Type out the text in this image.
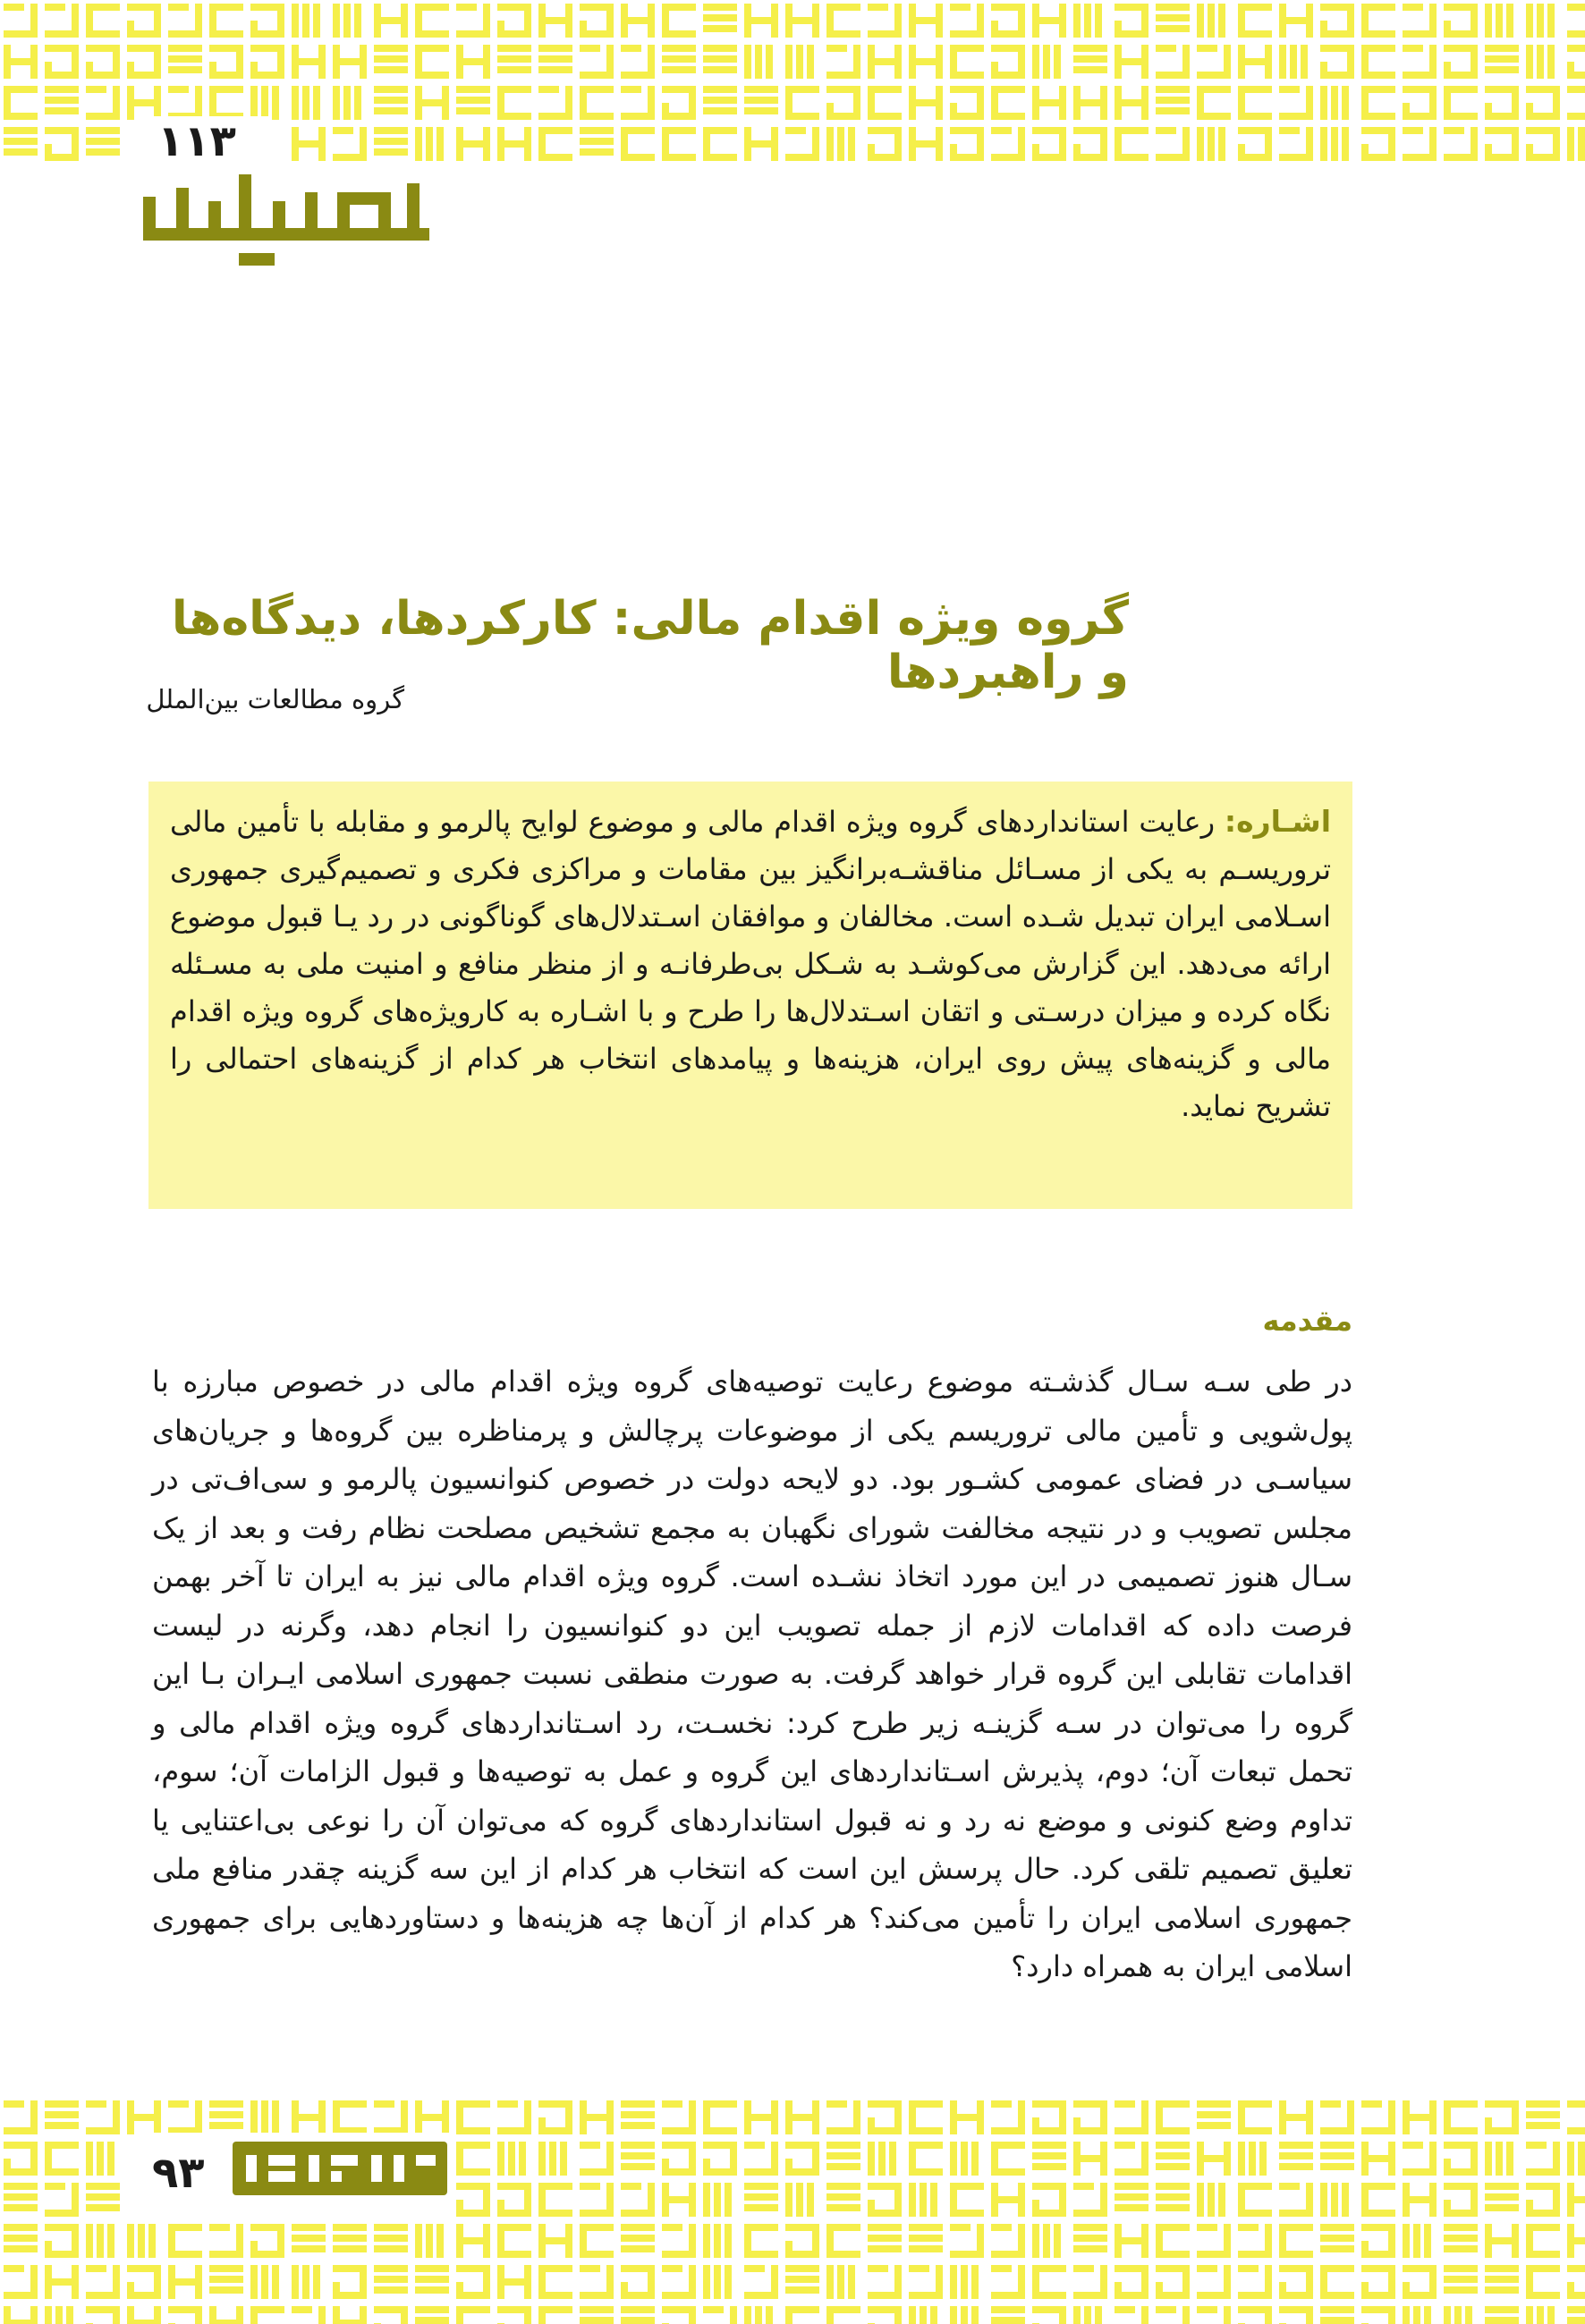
۱۱۳
گروه ویژه اقدام مالی: کارکردها، دیدگاه‌ها و راهبردها
گروه مطالعات بین‌الملل
اشـاره: رعایت استانداردهای گروه ویژه اقدام مالی و موضوع لوایح پالرمو و مقابله با تأمین مالی تروریسـم به یکی از مسـائل مناقشـه‌برانگیز بین مقامات و مراکزی فکری و تصمیم‌گیری جمهوری اسـلامی ایران تبدیل شـده است. مخالفان و موافقان اسـتدلال‌های گوناگونی در رد یـا قبول موضوع ارائه می‌دهد. این گزارش می‌کوشـد به شـکل بی‌طرفانـه و از منظر منافع و امنیت ملی به مسـئله نگاه کرده و میزان درسـتی و اتقان اسـتدلال‌ها را طرح و با اشـاره به کارویژه‌های گروه ویژه اقدام مالی و گزینه‌های پیش روی ایران، هزینه‌ها و پیامدهای انتخاب هر کدام از گزینه‌های احتمالی را تشریح نماید.
مقدمه

در طی سـه سـال گذشـته موضوع رعایت توصیه‌های گروه ویژه اقدام مالی در خصوص مبارزه با پول‌شویی و تأمین مالی تروریسم یکی از موضوعات پرچالش و پرمناظره بین گروه‌ها و جریان‌های سیاسـی در فضای عمومی کشـور بود. دو لایحه دولت در خصوص کنوانسیون پالرمو و سی‌اف‌تی در مجلس تصویب و در نتیجه مخالفت شورای نگهبان به مجمع تشخیص مصلحت نظام رفت و بعد از یک سـال هنوز تصمیمی در این مورد اتخاذ نشـده است. گروه ویژه اقدام مالی نیز به ایران تا آخر بهمن فرصت داده که اقدامات لازم از جمله تصویب این دو کنوانسیون را انجام دهد، وگرنه در لیست اقدامات تقابلی این گروه قرار خواهد گرفت. به صورت منطقی نسبت جمهوری اسلامی ایـران بـا این گروه را می‌توان در سـه گزینـه زیر طرح کرد: نخسـت، رد اسـتانداردهای گروه ویژه اقدام مالی و تحمل تبعات آن؛ دوم، پذیرش اسـتانداردهای این گروه و عمل به توصیه‌ها و قبول الزامات آن؛ سوم، تداوم وضع کنونی و موضع نه رد و نه قبول استانداردهای گروه که می‌توان آن را نوعی بی‌اعتنایی یا تعلیق تصمیم تلقی کرد. حال پرسش این است که انتخاب هر کدام از این سه گزینه چقدر منافع ملی جمهوری اسلامی ایران را تأمین می‌کند؟ هر کدام از آن‌ها چه هزینه‌ها و دستاوردهایی برای جمهوری اسلامی ایران به همراه دارد؟

۹۳
